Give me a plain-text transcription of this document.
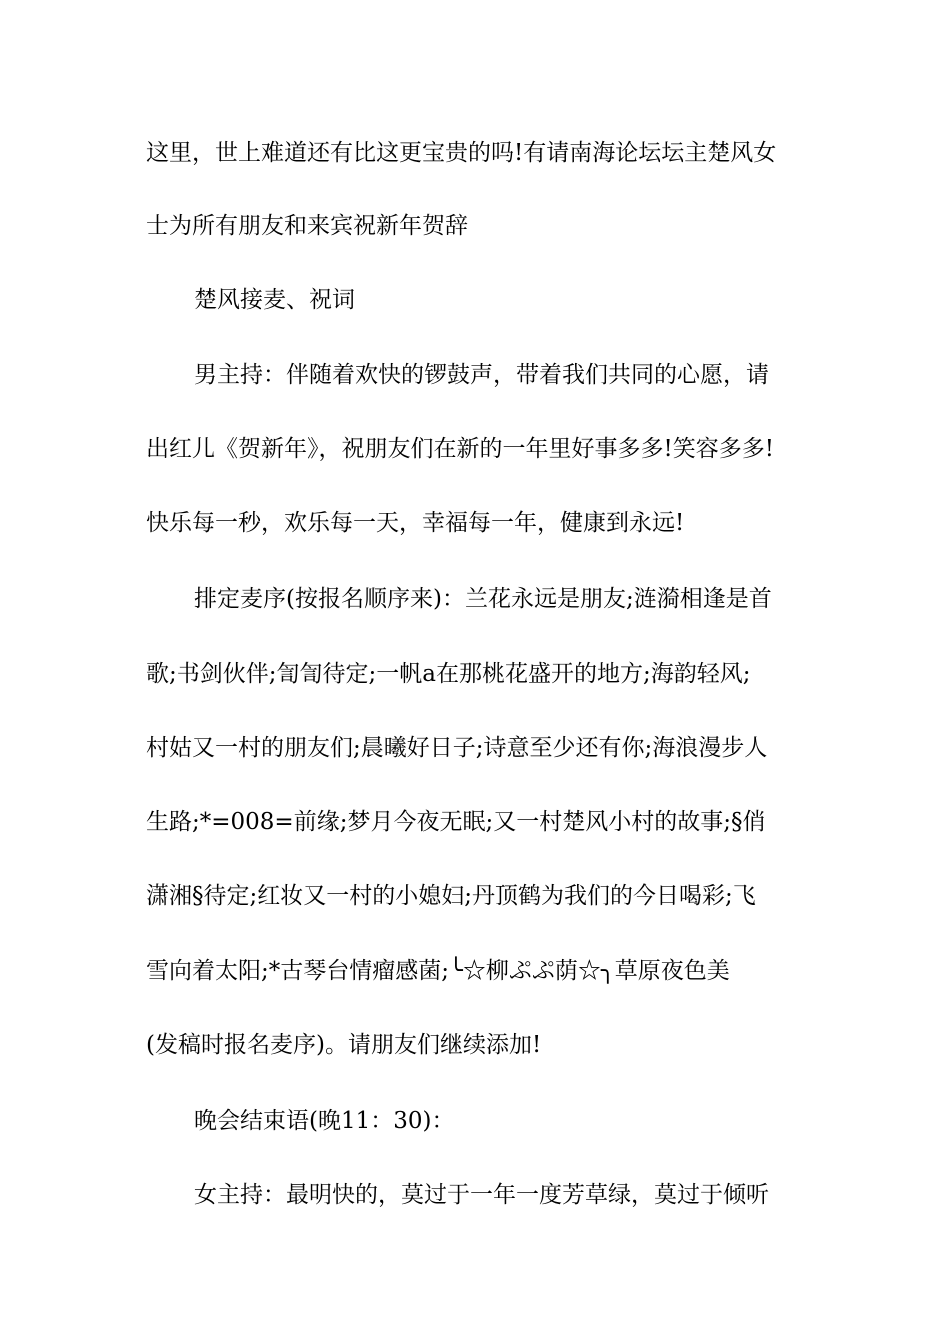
这里，世上难道还有比这更宝贵的吗!有请南海论坛坛主楚风女
士为所有朋友和来宾祝新年贺辞
楚风接麦、祝词
男主持：伴随着欢快的锣鼓声，带着我们共同的心愿，请
出红儿《贺新年》，祝朋友们在新的一年里好事多多!笑容多多!
快乐每一秒，欢乐每一天，幸福每一年，健康到永远!
排定麦序(按报名顺序来)：兰花永远是朋友;涟漪相逢是首
歌;书剑伙伴;訇訇待定;一帆a在那桃花盛开的地方;海韵轻风;
村姑又一村的朋友们;晨曦好日子;诗意至少还有你;海浪漫步人
生路;*=008=前缘;梦月今夜无眠;又一村楚风小村的故事;§俏
潇湘§待定;红妆又一村的小媳妇;丹顶鹤为我们的今日喝彩;飞
雪向着太阳;*古琴台情瘤感菌;╰☆柳ぷぷ荫☆╮草原夜色美
(发稿时报名麦序)。请朋友们继续添加!
晚会结束语(晚11：30)：
女主持：最明快的，莫过于一年一度芳草绿，莫过于倾听
